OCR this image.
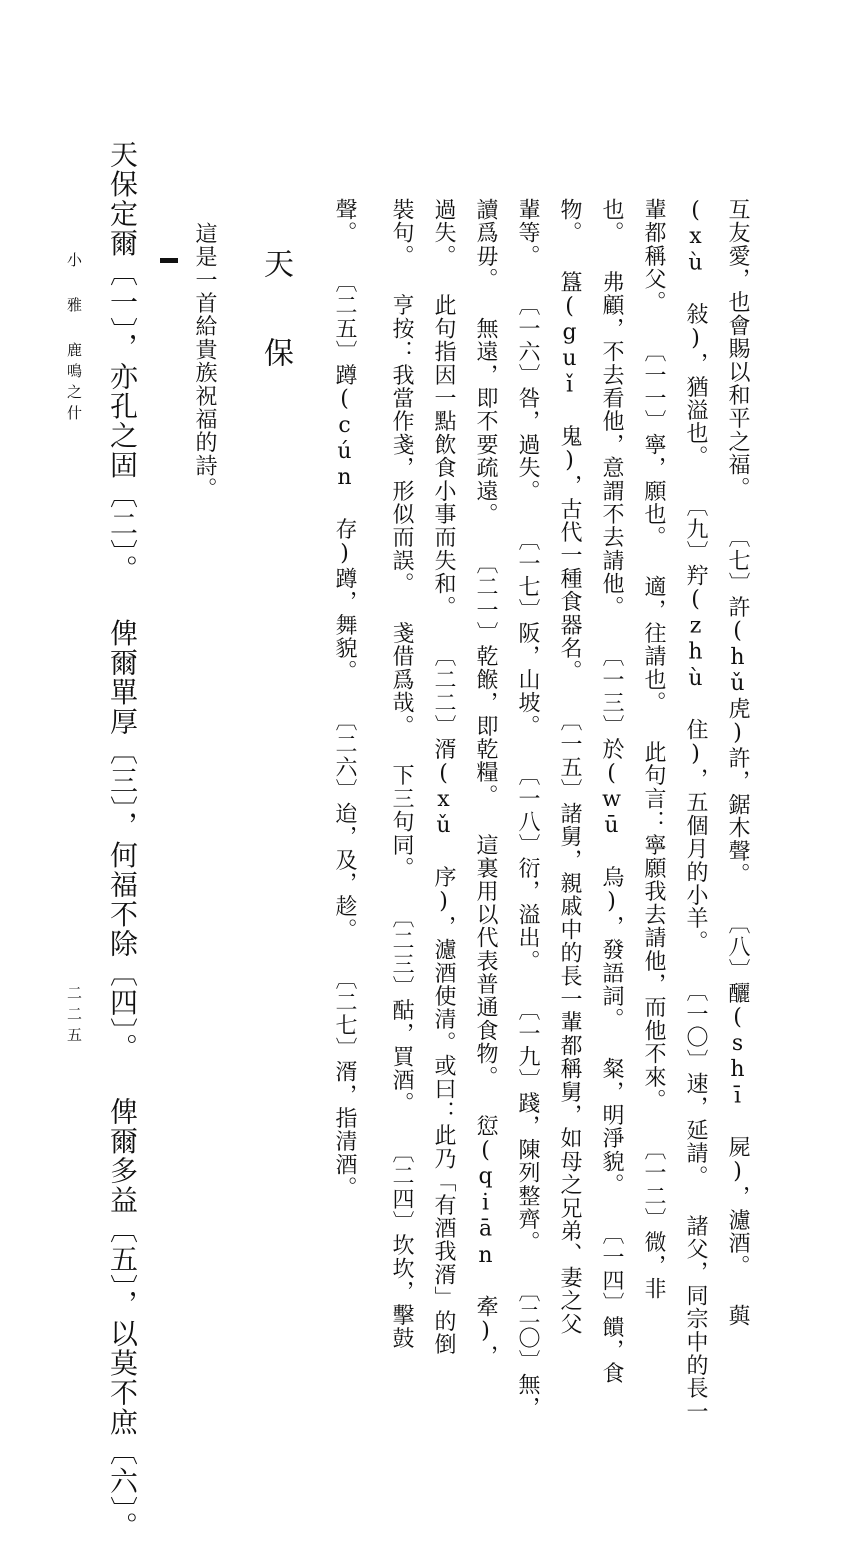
互友愛，也會賜以和平之福。 〔七〕許(hǔ虎)許，鋸木聲。 〔八〕釃(shī 屍)，濾酒。 藇
(xù 敍)，猶溢也。 〔九〕羜(zhù 住)，五個月的小羊。 〔一〇〕速，延請。 諸父，同宗中的長一
輩都稱父。 〔一一〕寧，願也。 適，往請也。 此句言：寧願我去請他，而他不來。 〔一二〕微，非
也。 弗顧，不去看他，意謂不去請他。 〔一三〕於(wū 烏)，發語詞。 粲，明淨貌。 〔一四〕饋，食
物。 簋(guǐ 鬼)，古代一種食器名。 〔一五〕諸舅，親戚中的長一輩都稱舅，如母之兄弟、妻之父
輩等。 〔一六〕咎，過失。 〔一七〕阪，山坡。 〔一八〕衍，溢出。 〔一九〕踐，陳列整齊。 〔二〇〕無，
讀爲毋。 無遠，即不要疏遠。 〔二一〕乾餱，即乾糧。 這裏用以代表普通食物。 愆(qiān 牽)，
過失。 此句指因一點飲食小事而失和。 〔二二〕湑(xǔ 序)，濾酒使清。或曰：此乃「有酒我湑」的倒
裝句。 亨按：我當作戔，形似而誤。 戔借爲哉。 下三句同。 〔二三〕酤，買酒。 〔二四〕坎坎，擊鼓
聲。 〔二五〕蹲(cún 存)蹲，舞貌。 〔二六〕迨，及，趁。 〔二七〕湑，指清酒。
天 保
這是一首給貴族祝福的詩。
天保定爾〔一〕，亦孔之固〔二〕。 俾爾單厚〔三〕，何福不除〔四〕。 俾爾多益〔五〕，以莫不庶〔六〕。
小 雅 鹿鳴之什
二二五
